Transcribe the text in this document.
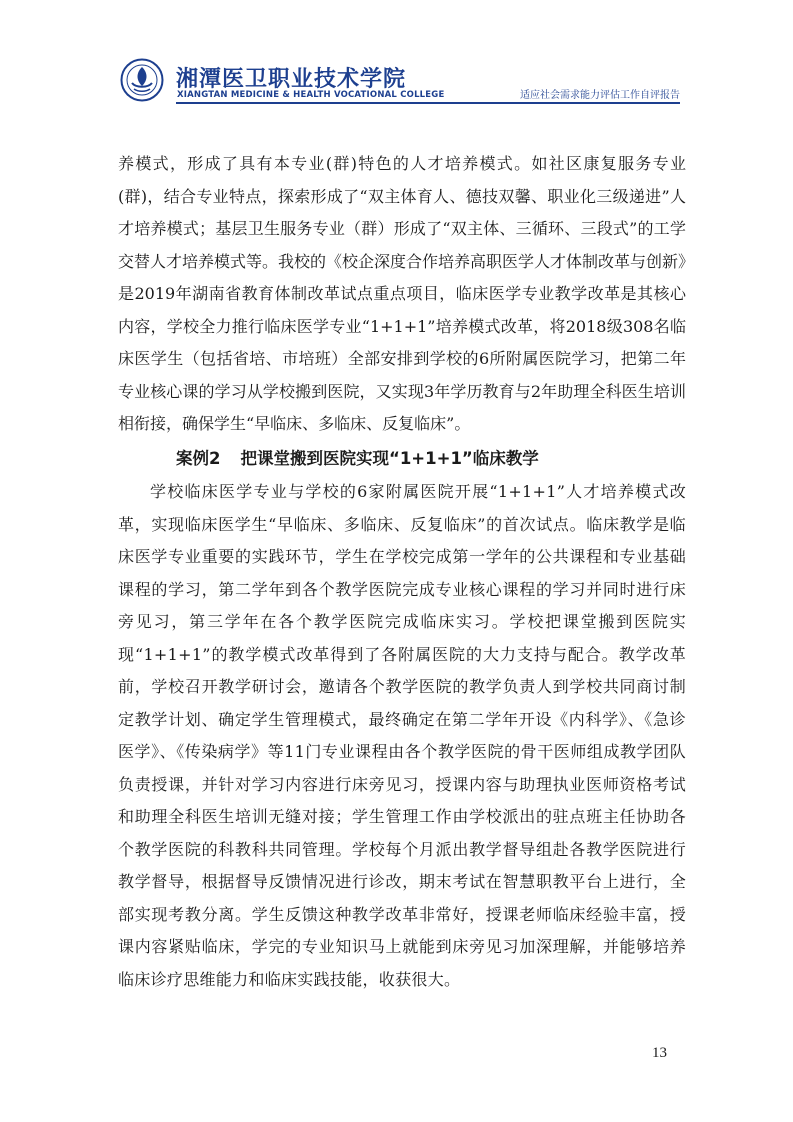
湘潭医卫职业技术学院
XIANGTAN MEDICINE & HEALTH VOCATIONAL COLLEGE	适应社会需求能力评估工作自评报告

养模式，形成了具有本专业(群)特色的人才培养模式。如社区康复服务专业(群)，结合专业特点，探索形成了“双主体育人、德技双馨、职业化三级递进”人才培养模式；基层卫生服务专业（群）形成了“双主体、三循环、三段式”的工学交替人才培养模式等。我校的《校企深度合作培养高职医学人才体制改革与创新》是2019年湖南省教育体制改革试点重点项目，临床医学专业教学改革是其核心内容，学校全力推行临床医学专业“1+1+1”培养模式改革，将2018级308名临床医学生（包括省培、市培班）全部安排到学校的6所附属医院学习，把第二年专业核心课的学习从学校搬到医院，又实现3年学历教育与2年助理全科医生培训相衔接，确保学生“早临床、多临床、反复临床”。

案例2 把课堂搬到医院实现“1+1+1”临床教学

学校临床医学专业与学校的6家附属医院开展“1+1+1”人才培养模式改革，实现临床医学生“早临床、多临床、反复临床”的首次试点。临床教学是临床医学专业重要的实践环节，学生在学校完成第一学年的公共课程和专业基础课程的学习，第二学年到各个教学医院完成专业核心课程的学习并同时进行床旁见习，第三学年在各个教学医院完成临床实习。学校把课堂搬到医院实现“1+1+1”的教学模式改革得到了各附属医院的大力支持与配合。教学改革前，学校召开教学研讨会，邀请各个教学医院的教学负责人到学校共同商讨制定教学计划、确定学生管理模式，最终确定在第二学年开设《内科学》、《急诊医学》、《传染病学》等11门专业课程由各个教学医院的骨干医师组成教学团队负责授课，并针对学习内容进行床旁见习，授课内容与助理执业医师资格考试和助理全科医生培训无缝对接；学生管理工作由学校派出的驻点班主任协助各个教学医院的科教科共同管理。学校每个月派出教学督导组赴各教学医院进行教学督导，根据督导反馈情况进行诊改，期末考试在智慧职教平台上进行，全部实现考教分离。学生反馈这种教学改革非常好，授课老师临床经验丰富，授课内容紧贴临床，学完的专业知识马上就能到床旁见习加深理解，并能够培养临床诊疗思维能力和临床实践技能，收获很大。

13
